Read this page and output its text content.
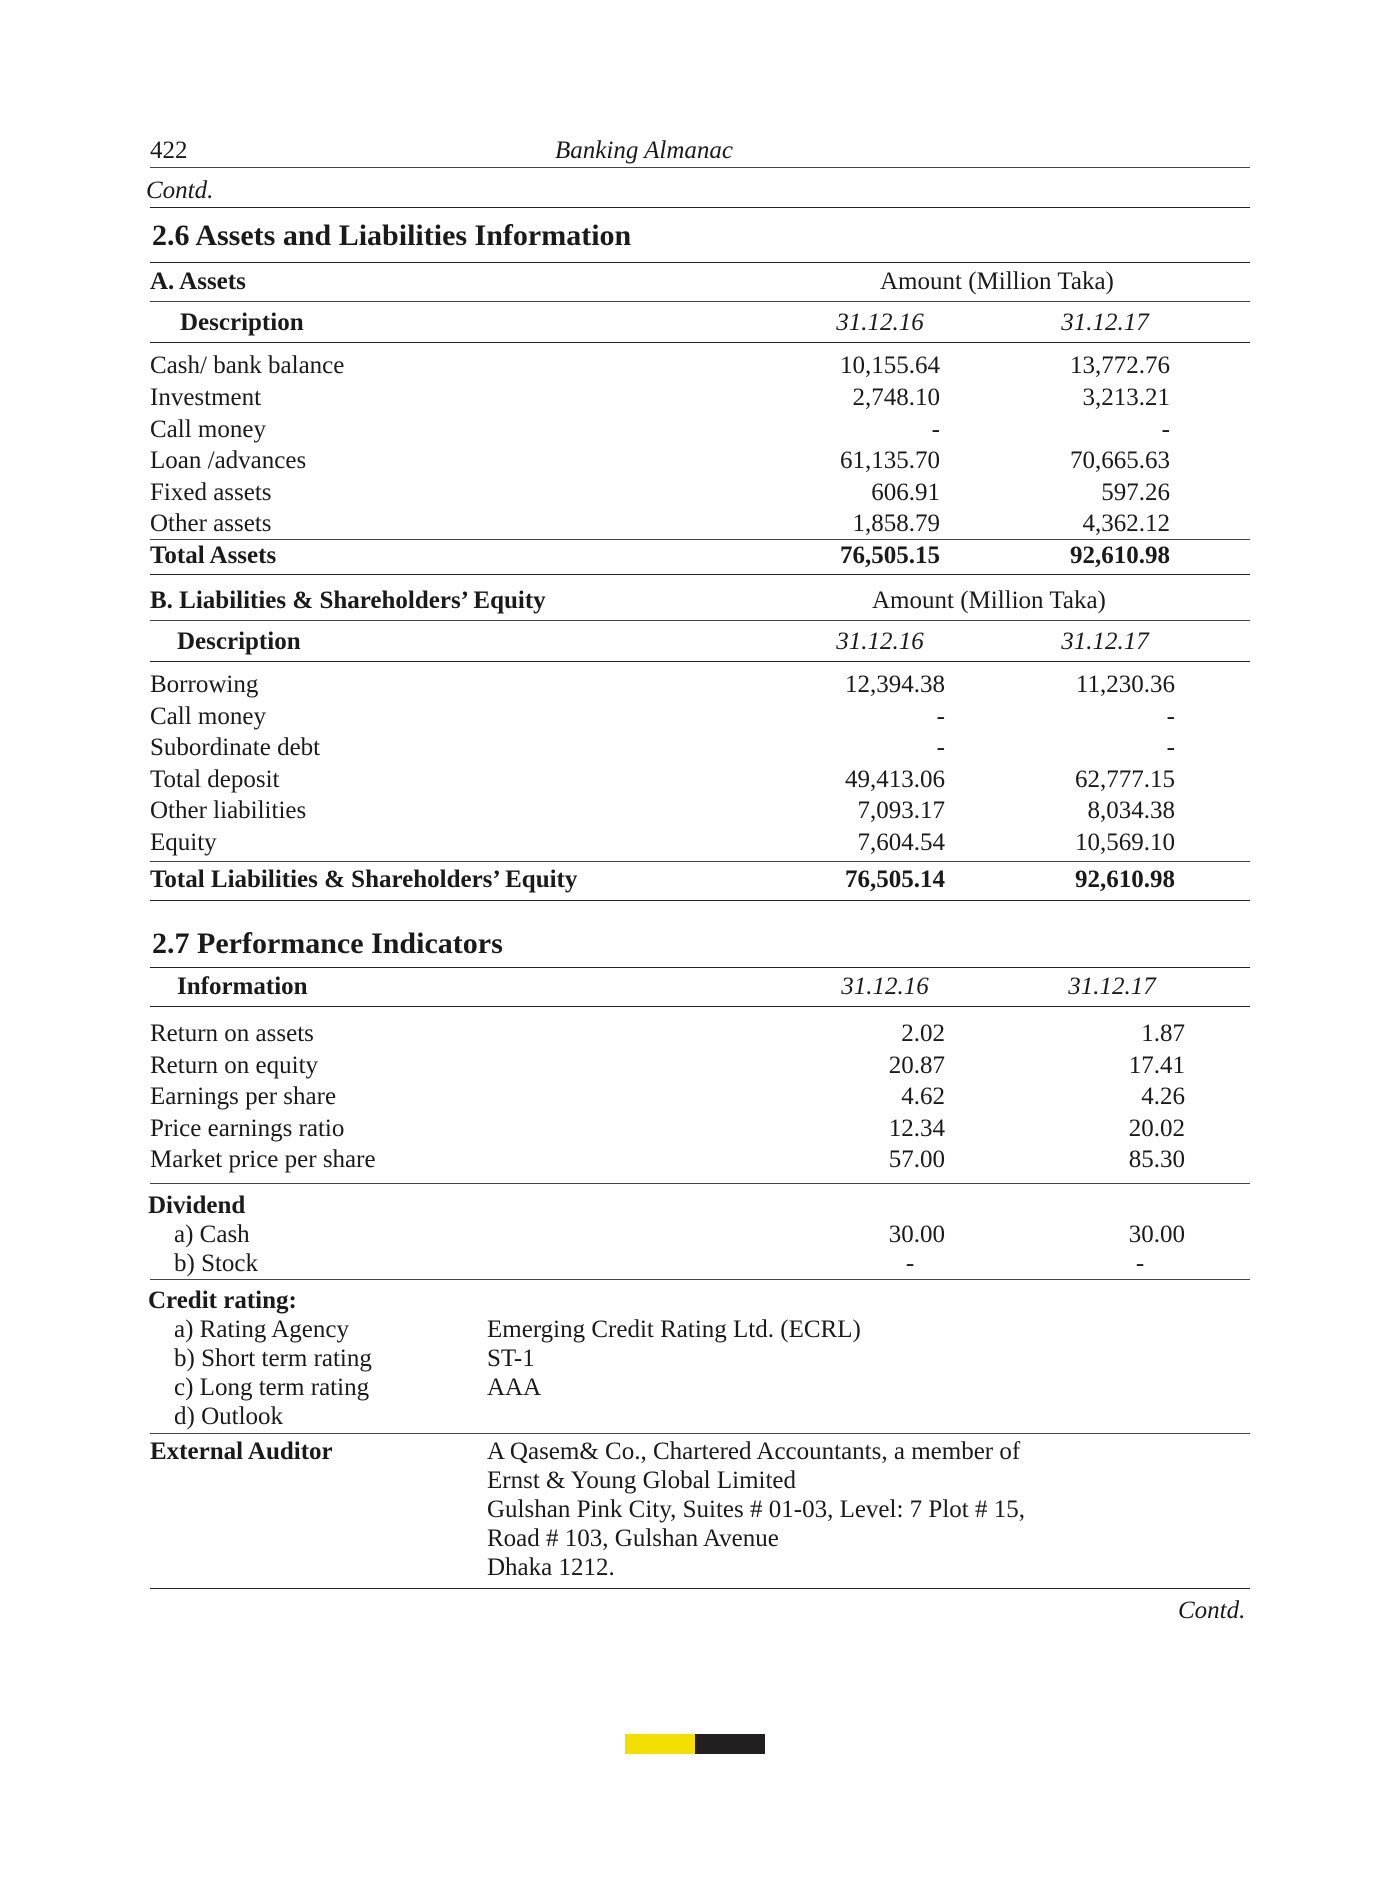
422	Banking Almanac
Contd.
2.6 Assets and Liabilities Information
A. Assets	Amount (Million Taka)
Description	31.12.16	31.12.17
Cash/ bank balance	10,155.64	13,772.76
Investment	2,748.10	3,213.21
Call money	-	-
Loan /advances	61,135.70	70,665.63
Fixed assets	606.91	597.26
Other assets	1,858.79	4,362.12
Total Assets	76,505.15	92,610.98
B. Liabilities & Shareholders’ Equity	Amount (Million Taka)
Description	31.12.16	31.12.17
Borrowing	12,394.38	11,230.36
Call money	-	-
Subordinate debt	-	-
Total deposit	49,413.06	62,777.15
Other liabilities	7,093.17	8,034.38
Equity	7,604.54	10,569.10
Total Liabilities & Shareholders’ Equity	76,505.14	92,610.98
2.7 Performance Indicators
Information	31.12.16	31.12.17
Return on assets	2.02	1.87
Return on equity	20.87	17.41
Earnings per share	4.62	4.26
Price earnings ratio	12.34	20.02
Market price per share	57.00	85.30
Dividend
a) Cash	30.00	30.00
b) Stock	-	-
Credit rating:
a) Rating Agency	Emerging Credit Rating Ltd. (ECRL)
b) Short term rating	ST-1
c) Long term rating	AAA
d) Outlook
External Auditor	A Qasem& Co., Chartered Accountants, a member of
Ernst & Young Global Limited
Gulshan Pink City, Suites # 01-03, Level: 7 Plot # 15,
Road # 103, Gulshan Avenue
Dhaka 1212.
Contd.
